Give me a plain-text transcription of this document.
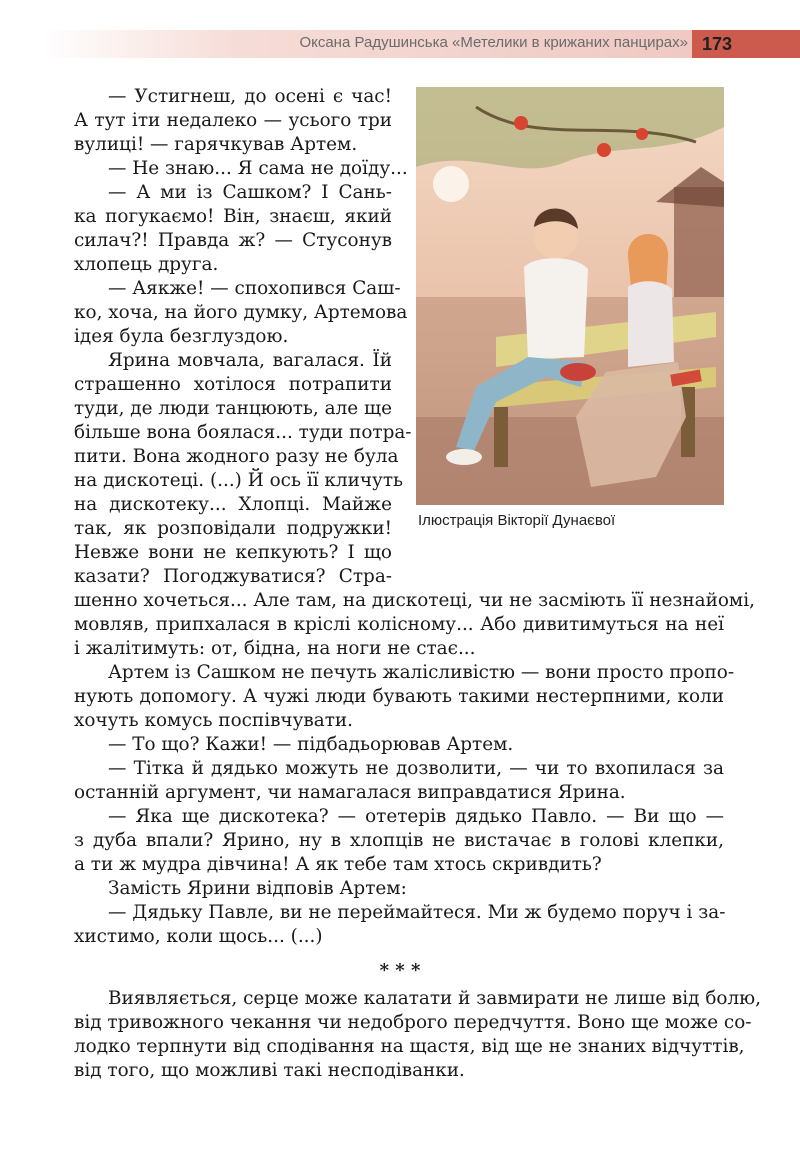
Оксана Радушинська «Метелики в крижаних панцирах» 173
Ілюстрація Вікторії Дунаєвої
— Устигнеш, до осені є час!
А тут іти недалеко — усього три
вулиці! — гарячкував Артем.
— Не знаю... Я сама не доїду...
— А ми із Сашком? І Сань-
ка погукаємо! Він, знаєш, який
силач?! Правда ж? — Стусонув
хлопець друга.
— Аякже! — спохопився Саш-
ко, хоча, на його думку, Артемова
ідея була безглуздою.
Ярина мовчала, вагалася. Їй
страшенно хотілося потрапити
туди, де люди танцюють, але ще
більше вона боялася... туди потра-
пити. Вона жодного разу не була
на дискотеці. (...) Й ось її кличуть
на дискотеку... Хлопці. Майже
так, як розповідали подружки!
Невже вони не кепкують? І що
казати? Погоджуватися? Стра-
шенно хочеться... Але там, на дискотеці, чи не засміють її незнайомі,
мовляв, припхалася в кріслі колісному... Або дивитимуться на неї
і жалітимуть: от, бідна, на ноги не стає...
Артем із Сашком не печуть жалісливістю — вони просто пропо-
нують допомогу. А чужі люди бувають такими нестерпними, коли
хочуть комусь поспівчувати.
— То що? Кажи! — підбадьорював Артем.
— Тітка й дядько можуть не дозволити, — чи то вхопилася за
останній аргумент, чи намагалася виправдатися Ярина.
— Яка ще дискотека? — отетерів дядько Павло. — Ви що —
з дуба впали? Ярино, ну в хлопців не вистачає в голові клепки,
а ти ж мудра дівчина! А як тебе там хтось скривдить?
Замість Ярини відповів Артем:
— Дядьку Павле, ви не переймайтеся. Ми ж будемо поруч і за-
хистимо, коли щось... (...)
* * *
Виявляється, серце може калатати й завмирати не лише від болю,
від тривожного чекання чи недоброго передчуття. Воно ще може со-
лодко терпнути від сподівання на щастя, від ще не знаних відчуттів,
від того, що можливі такі несподіванки.
